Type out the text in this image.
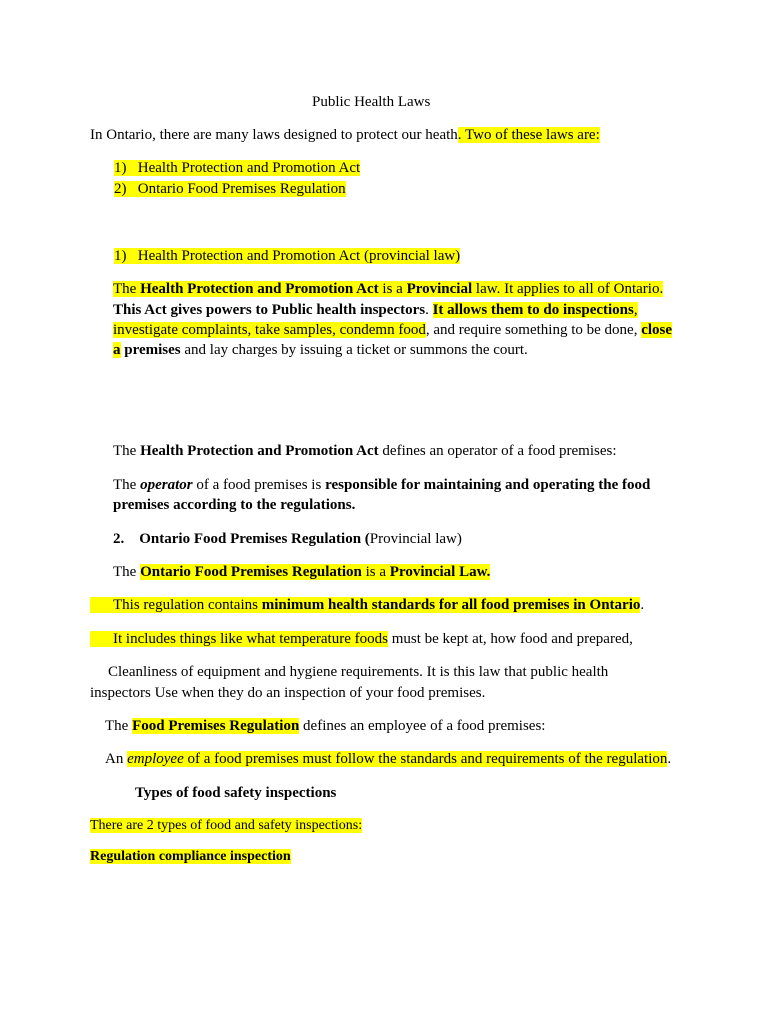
Public Health Laws
In Ontario, there are many laws designed to protect our heath. Two of these laws are:
1) Health Protection and Promotion Act
2) Ontario Food Premises Regulation
1) Health Protection and Promotion Act (provincial law)
The Health Protection and Promotion Act is a Provincial law. It applies to all of Ontario.
This Act gives powers to Public health inspectors. It allows them to do inspections,
investigate complaints, take samples, condemn food, and require something to be done, close
a premises and lay charges by issuing a ticket or summons the court.
The Health Protection and Promotion Act defines an operator of a food premises:
The operator of a food premises is responsible for maintaining and operating the food
premises according to the regulations.
2. Ontario Food Premises Regulation (Provincial law)
The Ontario Food Premises Regulation is a Provincial Law.
This regulation contains minimum health standards for all food premises in Ontario.
It includes things like what temperature foods must be kept at, how food and prepared,
Cleanliness of equipment and hygiene requirements. It is this law that public health
inspectors Use when they do an inspection of your food premises.
The Food Premises Regulation defines an employee of a food premises:
An employee of a food premises must follow the standards and requirements of the regulation.
Types of food safety inspections
There are 2 types of food and safety inspections:
Regulation compliance inspection
